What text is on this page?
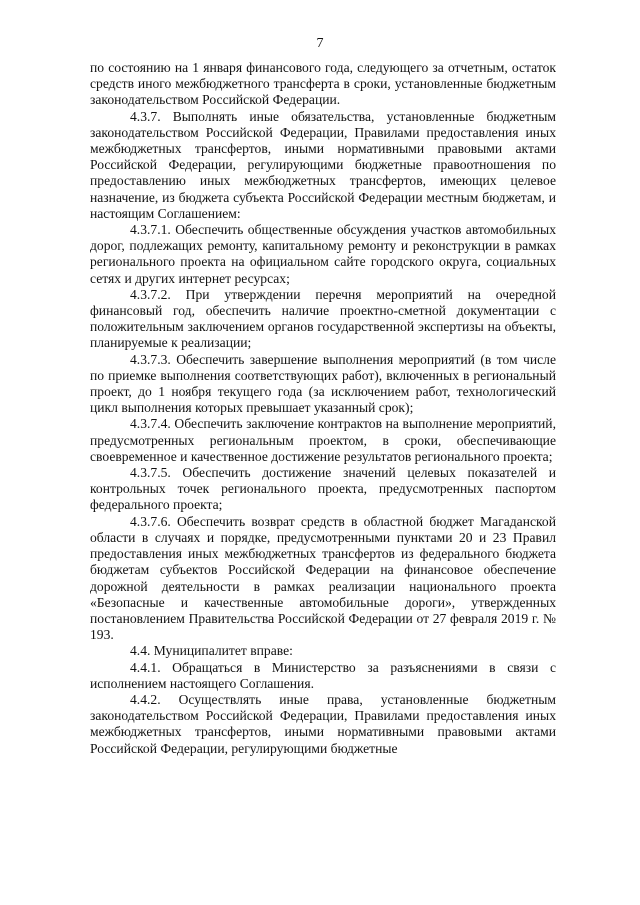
7

по состоянию на 1 января финансового года, следующего за отчетным, остаток средств иного межбюджетного трансферта в сроки, установленные бюджетным законодательством Российской Федерации.

4.3.7. Выполнять иные обязательства, установленные бюджетным законодательством Российской Федерации, Правилами предоставления иных межбюджетных трансфертов, иными нормативными правовыми актами Российской Федерации, регулирующими бюджетные правоотношения по предоставлению иных межбюджетных трансфертов, имеющих целевое назначение, из бюджета субъекта Российской Федерации местным бюджетам, и настоящим Соглашением:

4.3.7.1. Обеспечить общественные обсуждения участков автомобильных дорог, подлежащих ремонту, капитальному ремонту и реконструкции в рамках регионального проекта на официальном сайте городского округа, социальных сетях и других интернет ресурсах;

4.3.7.2. При утверждении перечня мероприятий на очередной финансовый год, обеспечить наличие проектно-сметной документации с положительным заключением органов государственной экспертизы на объекты, планируемые к реализации;

4.3.7.3. Обеспечить завершение выполнения мероприятий (в том числе по приемке выполнения соответствующих работ), включенных в региональный проект, до 1 ноября текущего года (за исключением работ, технологический цикл выполнения которых превышает указанный срок);

4.3.7.4. Обеспечить заключение контрактов на выполнение мероприятий, предусмотренных региональным проектом, в сроки, обеспечивающие своевременное и качественное достижение результатов регионального проекта;

4.3.7.5. Обеспечить достижение значений целевых показателей и контрольных точек регионального проекта, предусмотренных паспортом федерального проекта;

4.3.7.6. Обеспечить возврат средств в областной бюджет Магаданской области в случаях и порядке, предусмотренными пунктами 20 и 23 Правил предоставления иных межбюджетных трансфертов из федерального бюджета бюджетам субъектов Российской Федерации на финансовое обеспечение дорожной деятельности в рамках реализации национального проекта «Безопасные и качественные автомобильные дороги», утвержденных постановлением Правительства Российской Федерации от 27 февраля 2019 г. № 193.

4.4. Муниципалитет вправе:

4.4.1. Обращаться в Министерство за разъяснениями в связи с исполнением настоящего Соглашения.

4.4.2. Осуществлять иные права, установленные бюджетным законодательством Российской Федерации, Правилами предоставления иных межбюджетных трансфертов, иными нормативными правовыми актами Российской Федерации, регулирующими бюджетные
